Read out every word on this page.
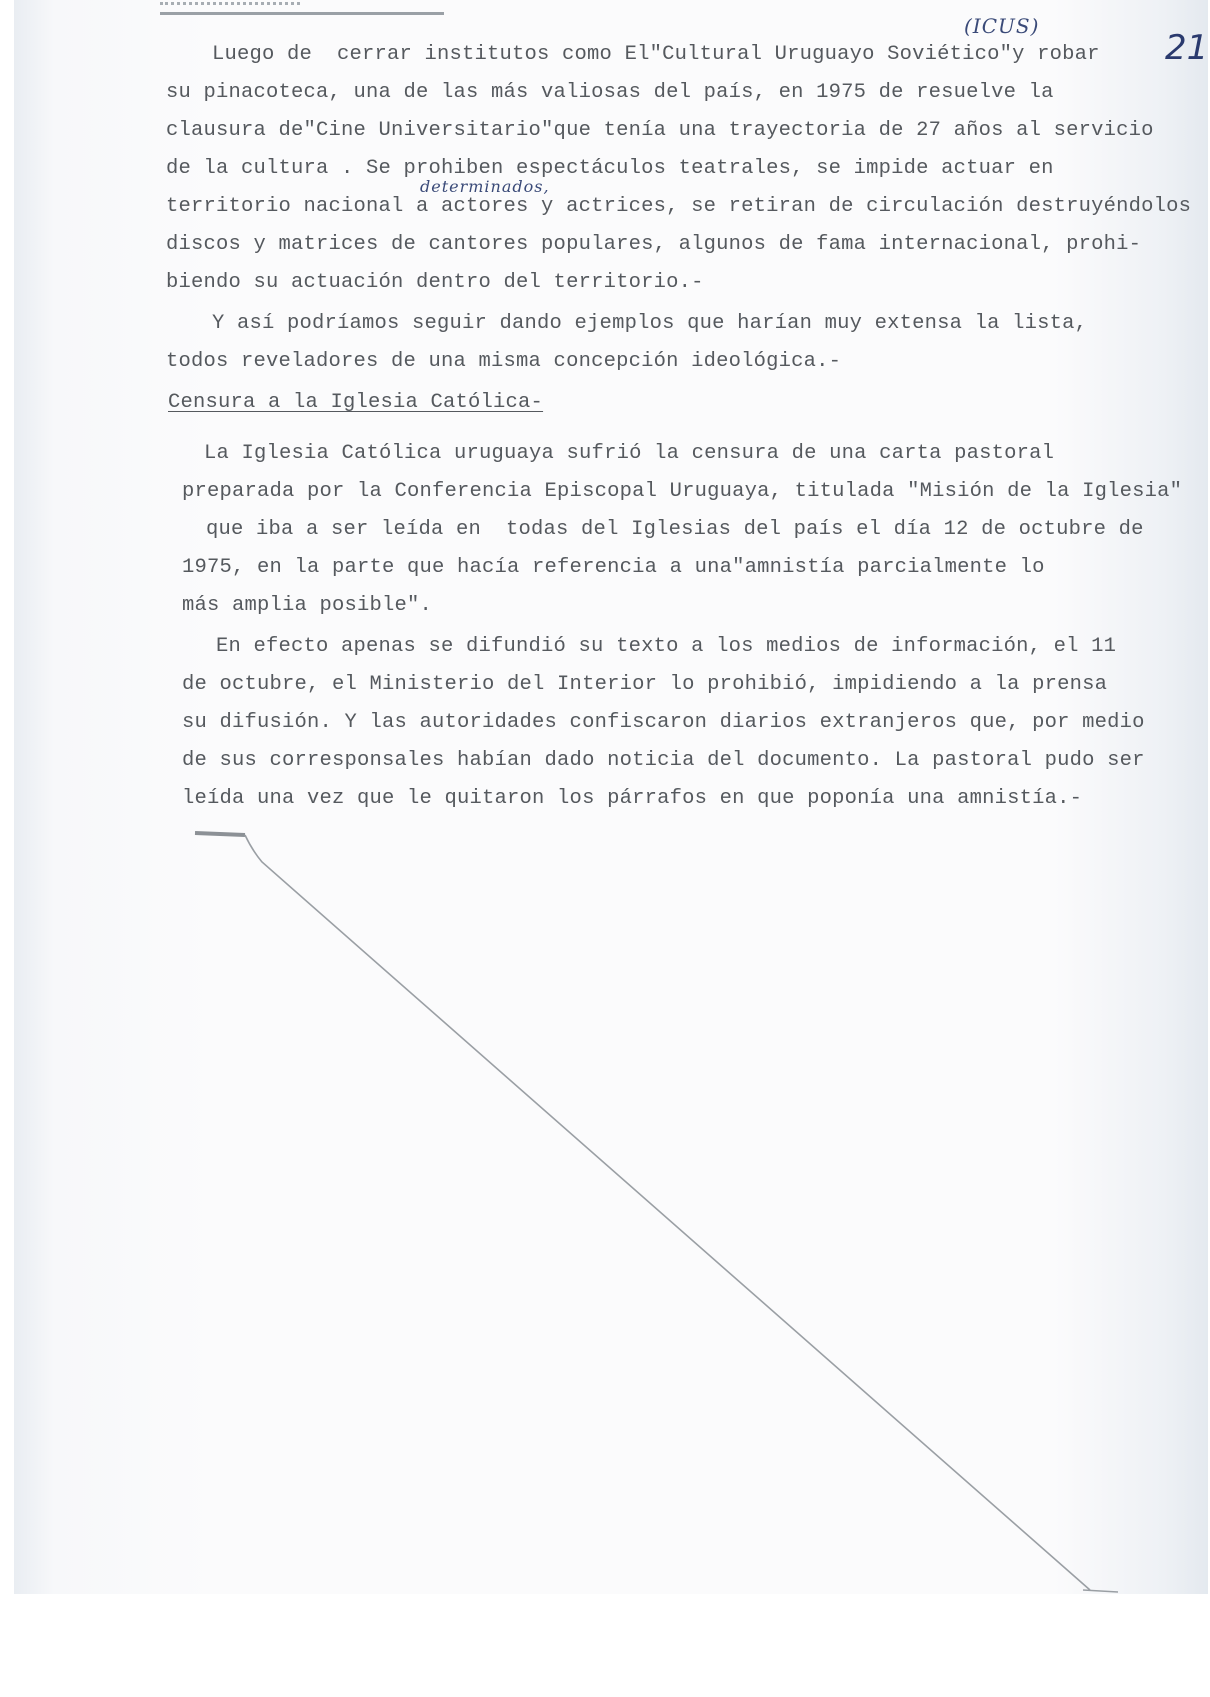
21
(ICUS)
determinados,
Luego de  cerrar institutos como El"Cultural Uruguayo Soviético"y robar
su pinacoteca, una de las más valiosas del país, en 1975 de resuelve la
clausura de"Cine Universitario"que tenía una trayectoria de 27 años al servicio
de la cultura . Se prohiben espectáculos teatrales, se impide actuar en
territorio nacional a actores y actrices, se retiran de circulación destruyéndolos
discos y matrices de cantores populares, algunos de fama internacional, prohi-
biendo su actuación dentro del territorio.-
Y así podríamos seguir dando ejemplos que harían muy extensa la lista,
todos reveladores de una misma concepción ideológica.-
Censura a la Iglesia Católica-
La Iglesia Católica uruguaya sufrió la censura de una carta pastoral
preparada por la Conferencia Episcopal Uruguaya, titulada "Misión de la Iglesia"
que iba a ser leída en  todas del Iglesias del país el día 12 de octubre de
1975, en la parte que hacía referencia a una"amnistía parcialmente lo
más amplia posible".
En efecto apenas se difundió su texto a los medios de información, el 11
de octubre, el Ministerio del Interior lo prohibió, impidiendo a la prensa
su difusión. Y las autoridades confiscaron diarios extranjeros que, por medio
de sus corresponsales habían dado noticia del documento. La pastoral pudo ser
leída una vez que le quitaron los párrafos en que poponía una amnistía.-
